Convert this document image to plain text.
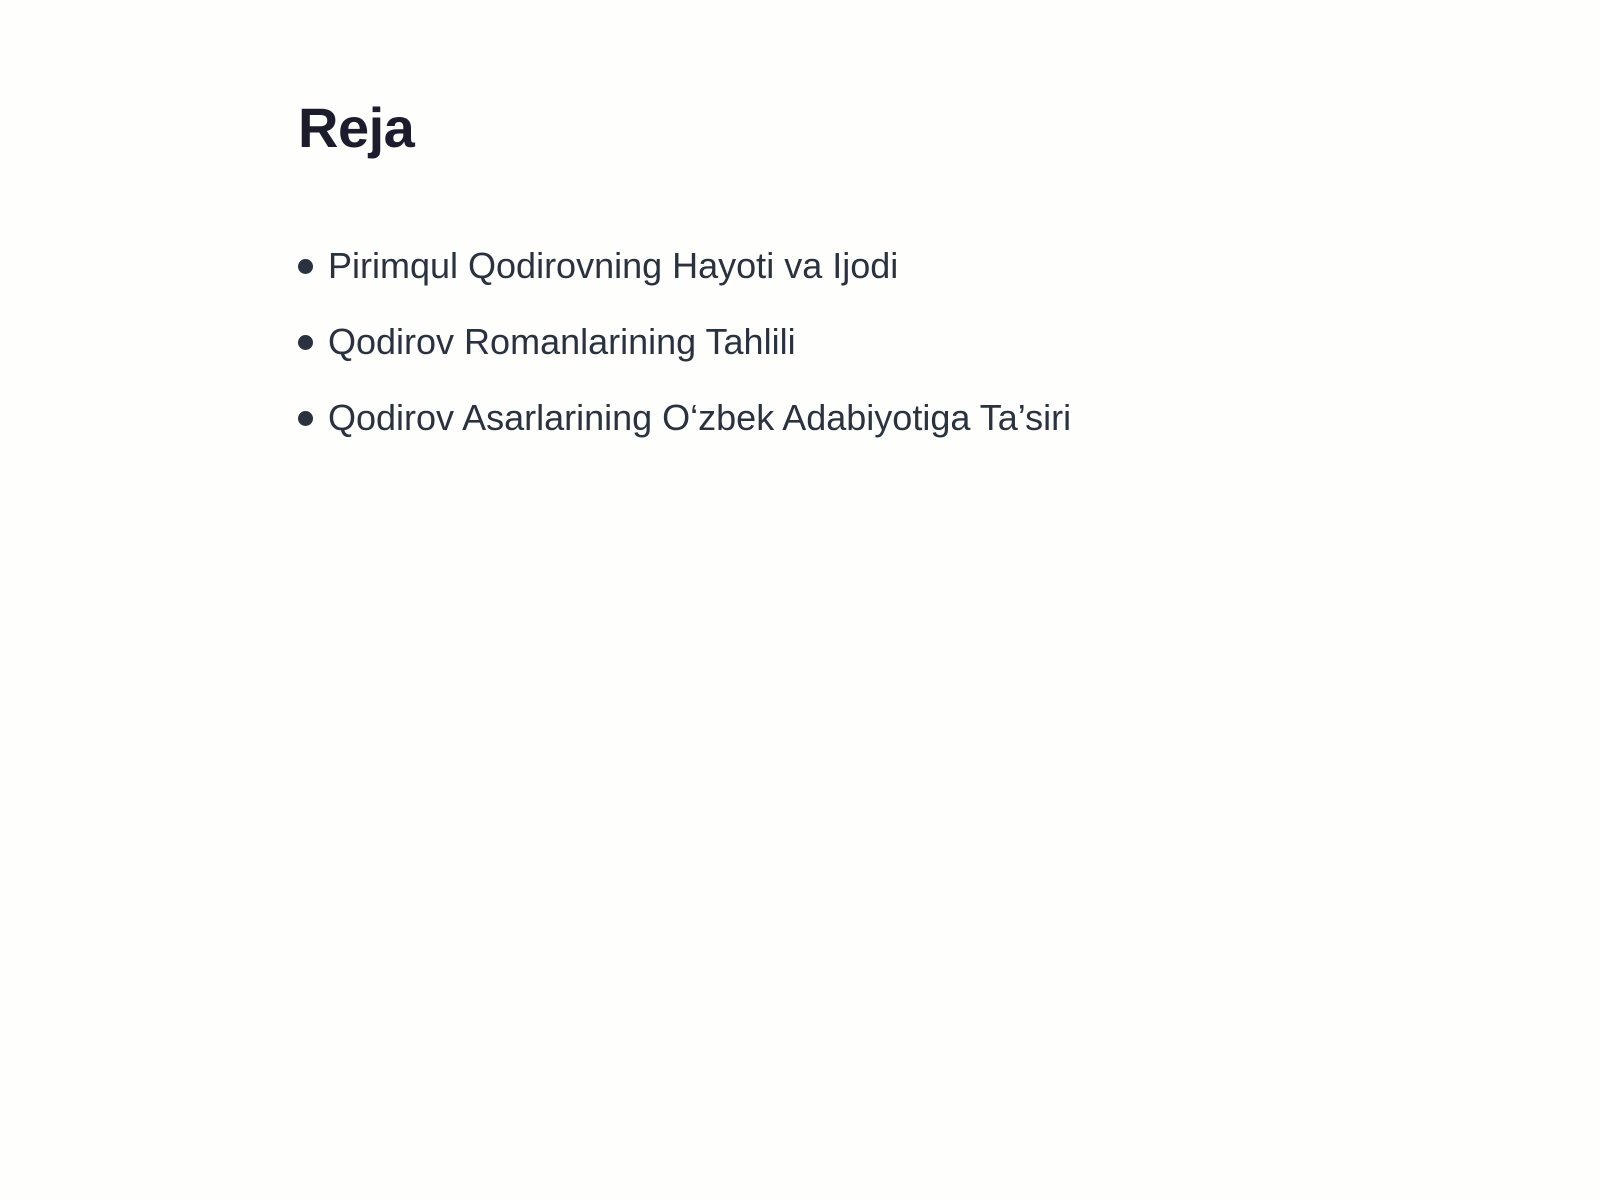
Reja
Pirimqul Qodirovning Hayoti va Ijodi
Qodirov Romanlarining Tahlili
Qodirov Asarlarining O‘zbek Adabiyotiga Ta’siri
